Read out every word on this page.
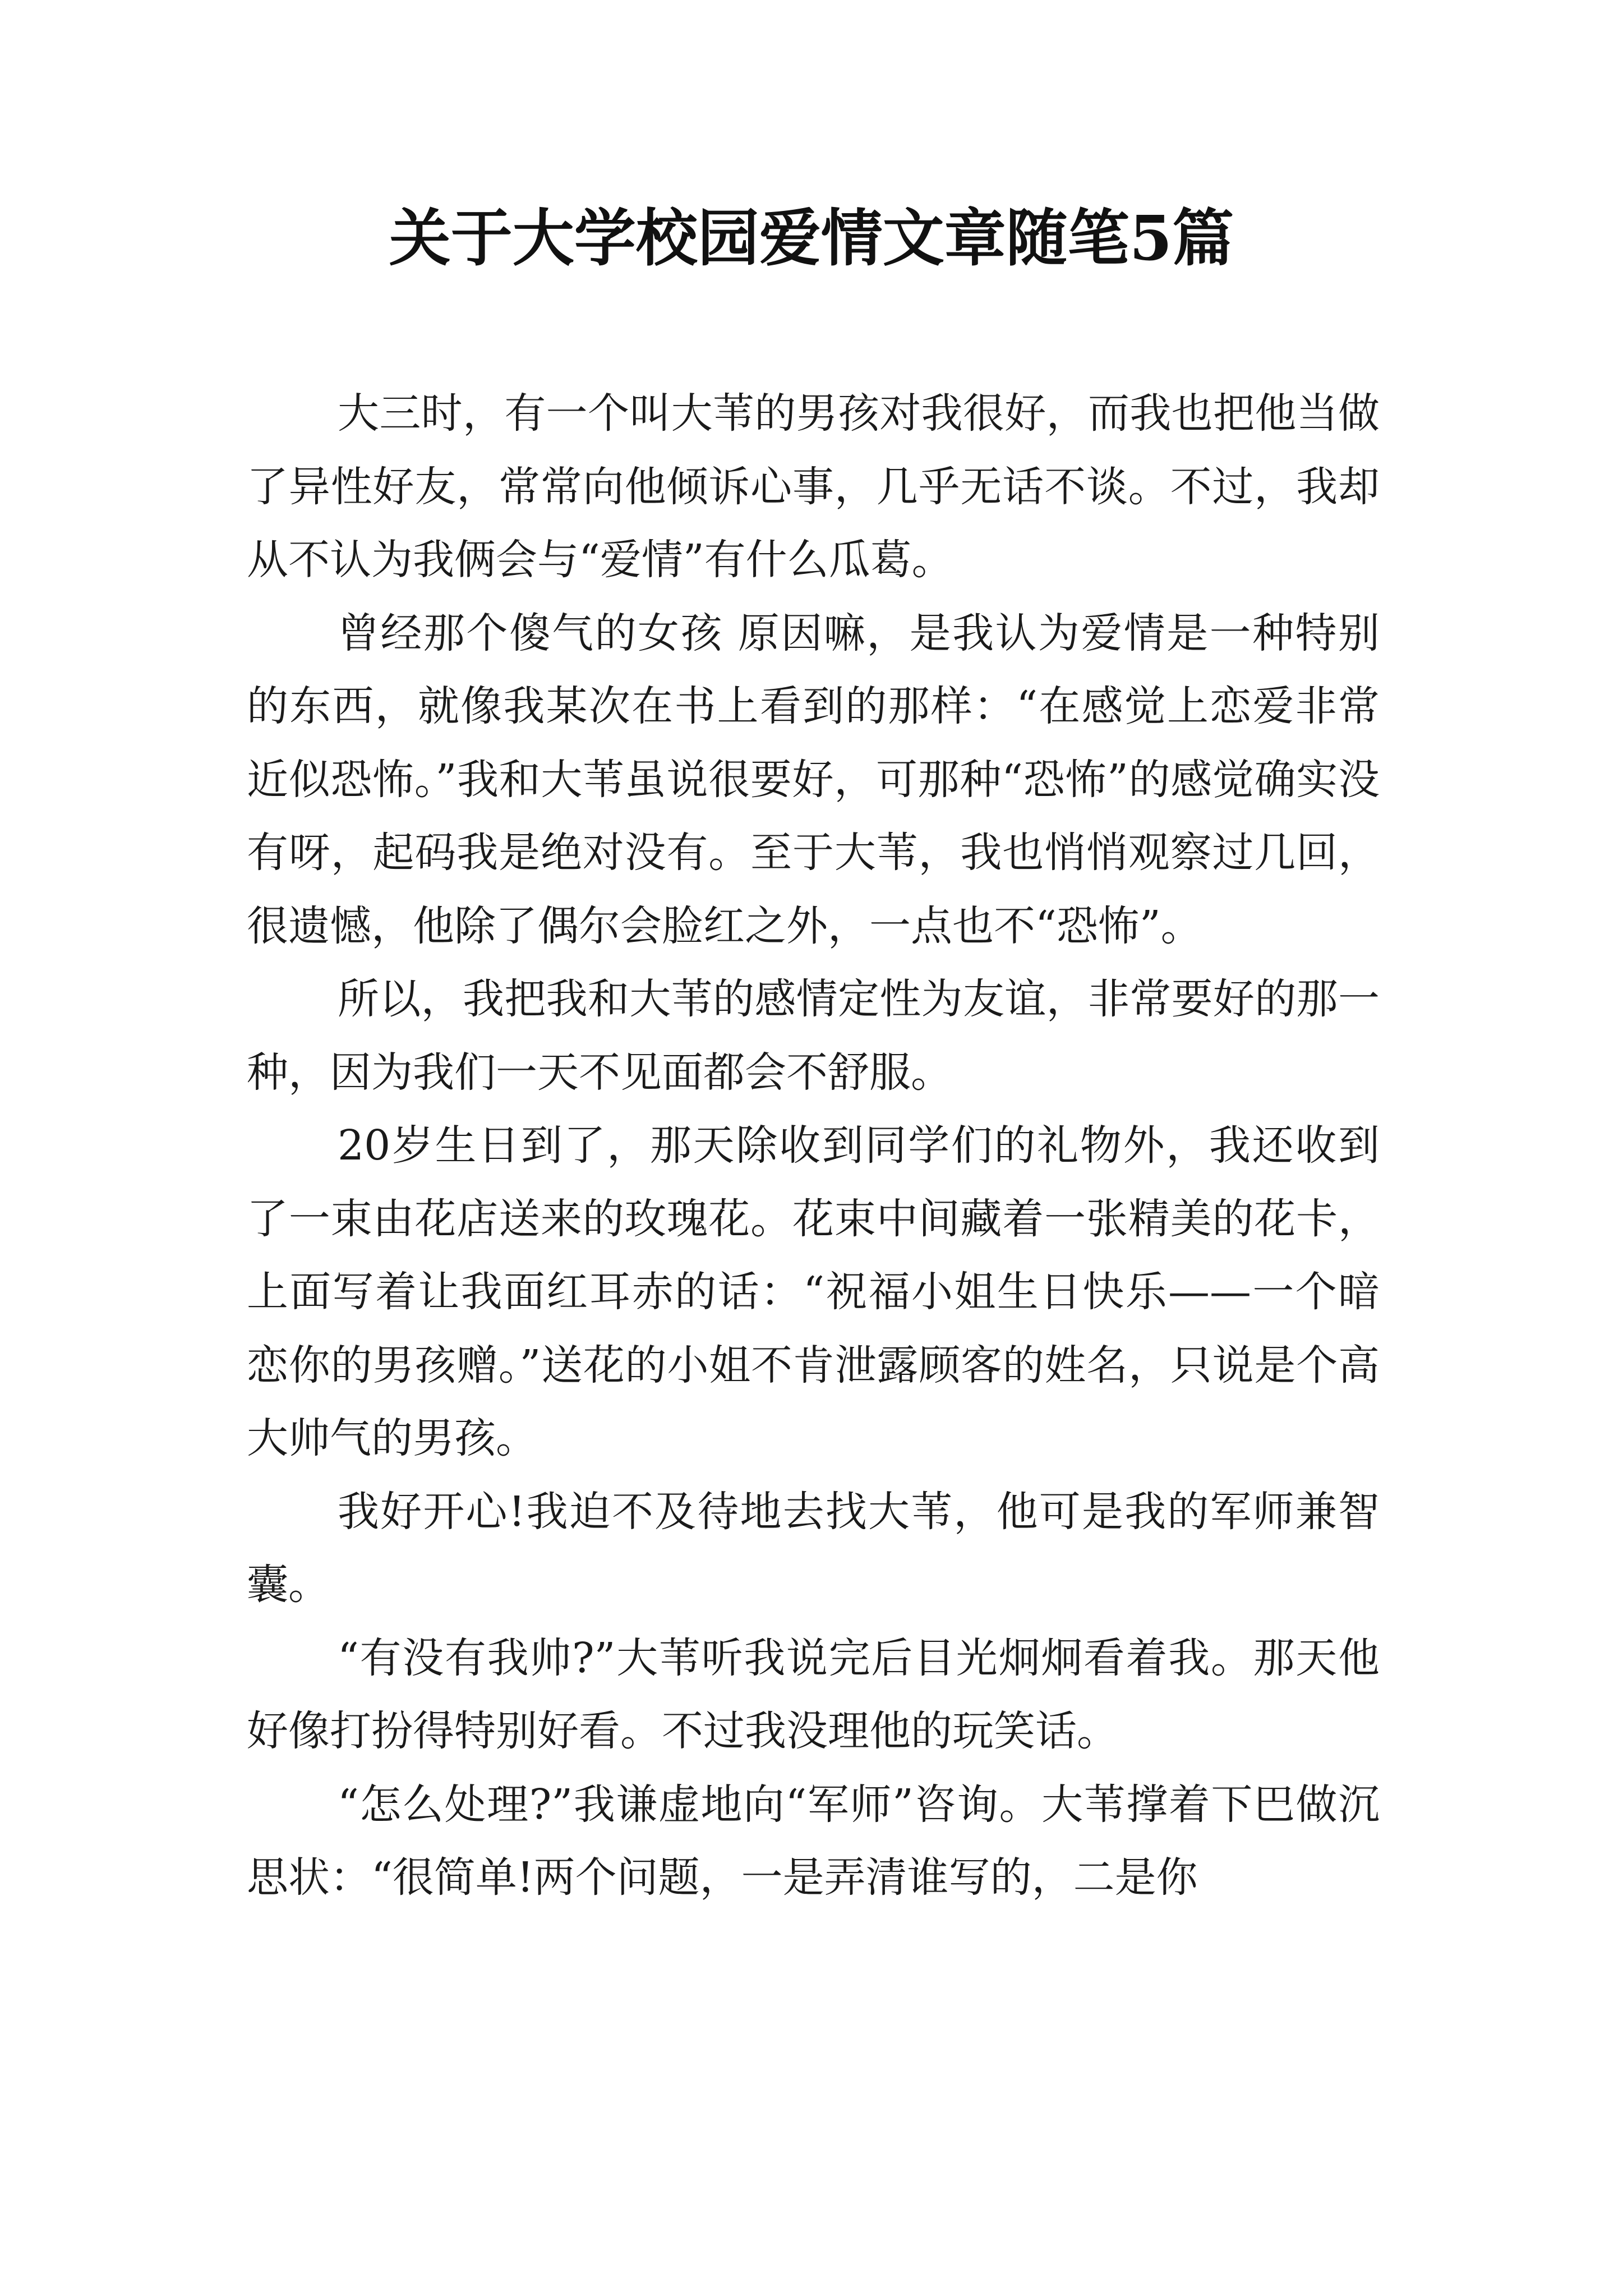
关于大学校园爱情文章随笔5篇

大三时，有一个叫大苇的男孩对我很好，而我也把他当做了异性好友，常常向他倾诉心事，几乎无话不谈。不过，我却从不认为我俩会与“爱情”有什么瓜葛。

曾经那个傻气的女孩 原因嘛，是我认为爱情是一种特别的东西，就像我某次在书上看到的那样：“在感觉上恋爱非常近似恐怖。”我和大苇虽说很要好，可那种“恐怖”的感觉确实没有呀，起码我是绝对没有。至于大苇，我也悄悄观察过几回，很遗憾，他除了偶尔会脸红之外，一点也不“恐怖”。

所以，我把我和大苇的感情定性为友谊，非常要好的那一种，因为我们一天不见面都会不舒服。

20岁生日到了，那天除收到同学们的礼物外，我还收到了一束由花店送来的玫瑰花。花束中间藏着一张精美的花卡，上面写着让我面红耳赤的话：“祝福小姐生日快乐——一个暗恋你的男孩赠。”送花的小姐不肯泄露顾客的姓名，只说是个高大帅气的男孩。

我好开心!我迫不及待地去找大苇，他可是我的军师兼智囊。

“有没有我帅?”大苇听我说完后目光炯炯看着我。那天他好像打扮得特别好看。不过我没理他的玩笑话。

“怎么处理?”我谦虚地向“军师”咨询。大苇撑着下巴做沉思状：“很简单!两个问题，一是弄清谁写的，二是你
